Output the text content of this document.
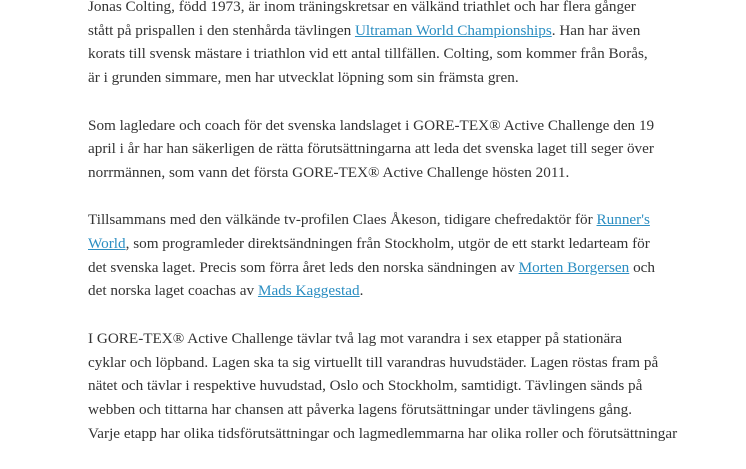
Jonas Colting, född 1973, är inom träningskretsar en välkänd triathlet och har flera gånger
stått på prispallen i den stenhårda tävlingen Ultraman World Championships. Han har även
korats till svensk mästare i triathlon vid ett antal tillfällen. Colting, som kommer från Borås,
är i grunden simmare, men har utvecklat löpning som sin främsta gren.

Som lagledare och coach för det svenska landslaget i GORE-TEX® Active Challenge den 19
april i år har han säkerligen de rätta förutsättningarna att leda det svenska laget till seger över
norrmännen, som vann det första GORE-TEX® Active Challenge hösten 2011.

Tillsammans med den välkände tv-profilen Claes Åkeson, tidigare chefredaktör för Runner's
World, som programleder direktsändningen från Stockholm, utgör de ett starkt ledarteam för
det svenska laget. Precis som förra året leds den norska sändningen av Morten Borgersen och
det norska laget coachas av Mads Kaggestad.

I GORE-TEX® Active Challenge tävlar två lag mot varandra i sex etapper på stationära
cyklar och löpband. Lagen ska ta sig virtuellt till varandras huvudstäder. Lagen röstas fram på
nätet och tävlar i respektive huvudstad, Oslo och Stockholm, samtidigt. Tävlingen sänds på
webben och tittarna har chansen att påverka lagens förutsättningar under tävlingens gång.
Varje etapp har olika tidsförutsättningar och lagmedlemmarna har olika roller och förutsättningar
